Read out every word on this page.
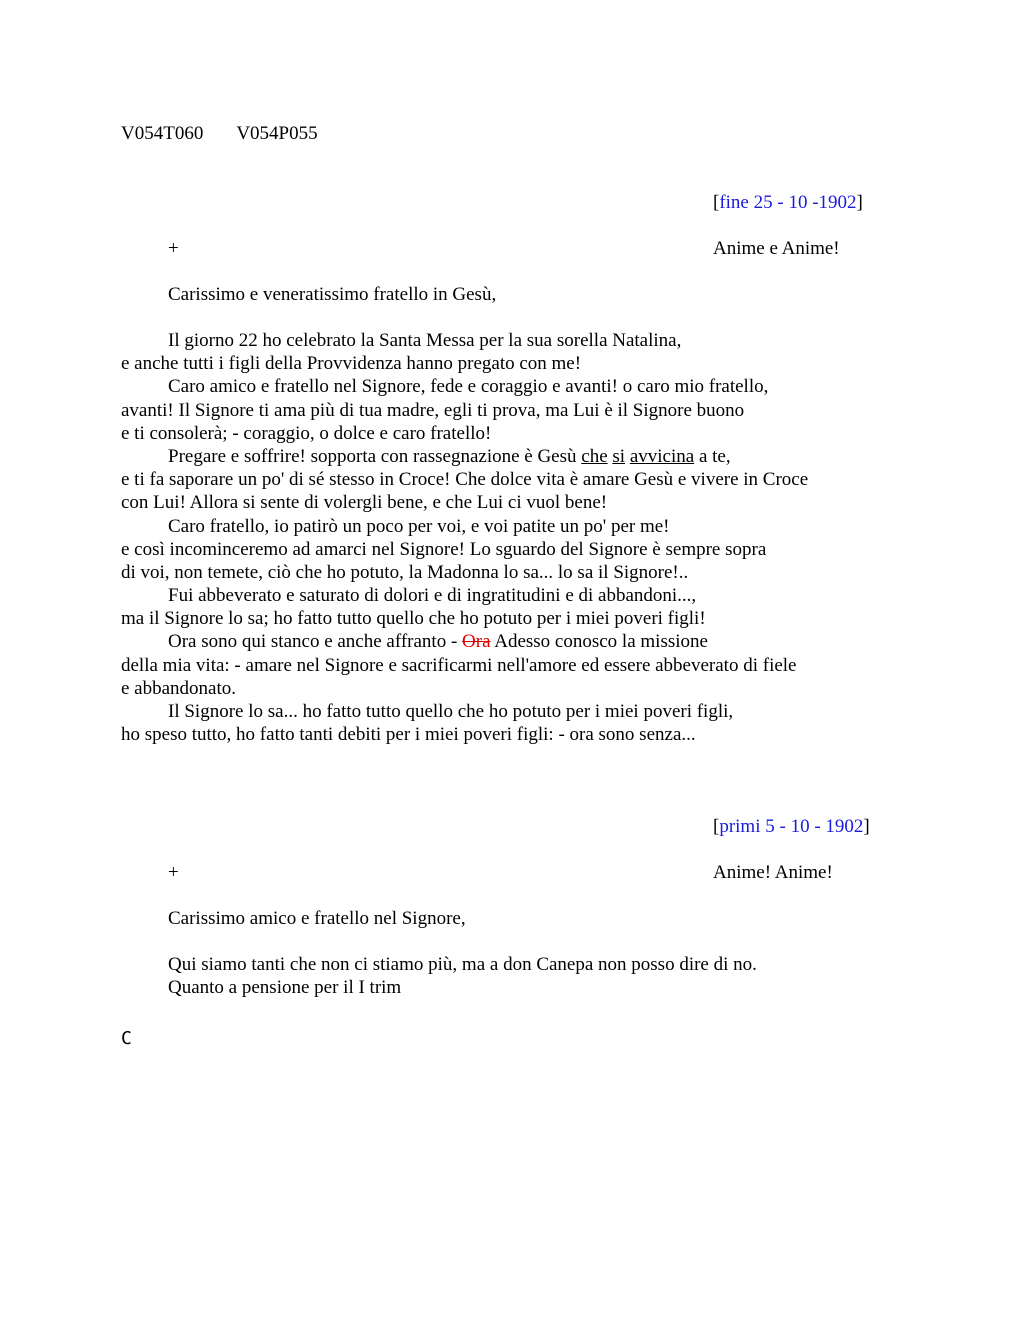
V054T060 V054P055
[fine 25 - 10 -1902]
+	Anime e Anime!
Carissimo e veneratissimo fratello in Gesù,
Il giorno 22 ho celebrato la Santa Messa per la sua sorella Natalina,
e anche tutti i figli della Provvidenza hanno pregato con me!
Caro amico e fratello nel Signore, fede e coraggio e avanti! o caro mio fratello,
avanti! Il Signore ti ama più di tua madre, egli ti prova, ma Lui è il Signore buono
e ti consolerà; - coraggio, o dolce e caro fratello!
Pregare e soffrire! sopporta con rassegnazione è Gesù che si avvicina a te,
e ti fa saporare un po' di sé stesso in Croce! Che dolce vita è amare Gesù e vivere in Croce
con Lui! Allora si sente di volergli bene, e che Lui ci vuol bene!
Caro fratello, io patirò un poco per voi, e voi patite un po' per me!
e così incominceremo ad amarci nel Signore! Lo sguardo del Signore è sempre sopra
di voi, non temete, ciò che ho potuto, la Madonna lo sa... lo sa il Signore!..
Fui abbeverato e saturato di dolori e di ingratitudini e di abbandoni...,
ma il Signore lo sa; ho fatto tutto quello che ho potuto per i miei poveri figli!
Ora sono qui stanco e anche affranto - Ora Adesso conosco la missione
della mia vita: - amare nel Signore e sacrificarmi nell'amore ed essere abbeverato di fiele
e abbandonato.
Il Signore lo sa... ho fatto tutto quello che ho potuto per i miei poveri figli,
ho speso tutto, ho fatto tanti debiti per i miei poveri figli: - ora sono senza...
[primi 5 - 10 - 1902]
+	Anime! Anime!
Carissimo amico e fratello nel Signore,
Qui siamo tanti che non ci stiamo più, ma a don Canepa non posso dire di no.
Quanto a pensione per il I trim
C
